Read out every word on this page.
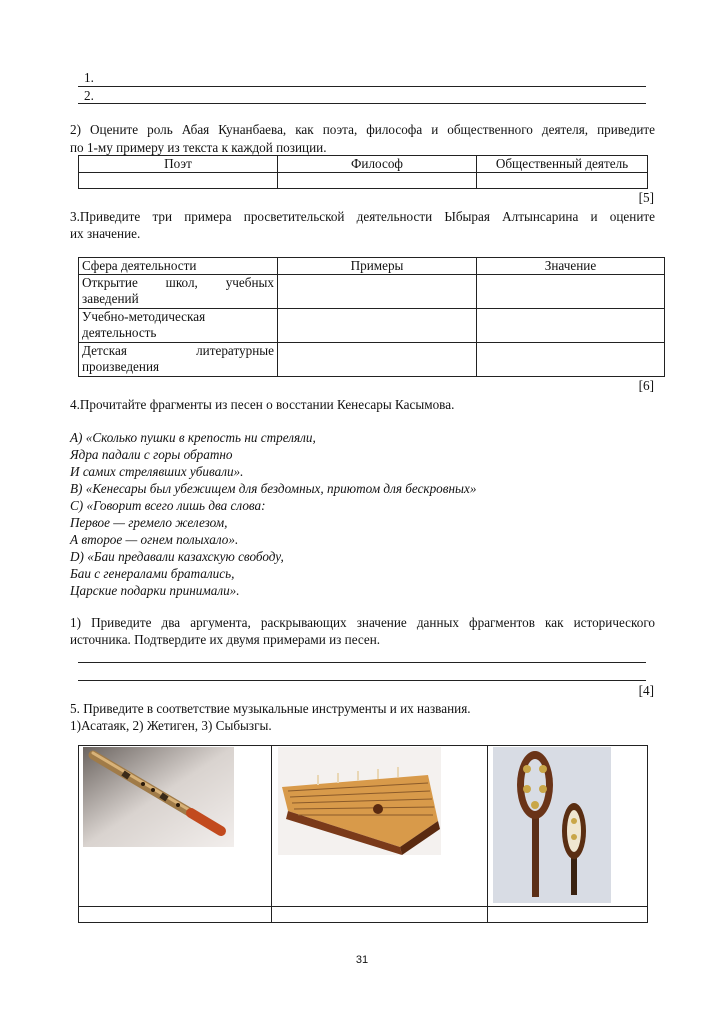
1.
2.
2) Оцените роль Абая Кунанбаева, как поэта, философа и общественного деятеля, приведите
по 1-му примеру из текста к каждой позиции.
Поэт	Философ	Общественный деятель

[5]
3.Приведите три примера просветительской деятельности Ыбырая Алтынсарина и оцените
их значение.
Сфера деятельности	Примеры	Значение

Открытие школ, учебных
заведений		

Учебно-методическая
деятельность		

Детская литературные
произведения		

[6]
4.Прочитайте фрагменты из песен о восстании Кенесары Касымова.
A) «Сколько пушки в крепость ни стреляли,
Ядра падали с горы обратно
И самих стрелявших убивали».
B) «Кенесары был убежищем для бездомных, приютом для бескровных»
C) «Говорит всего лишь два слова:
Первое — гремело железом,
А второе — огнем полыхало».
D) «Баи предавали казахскую свободу,
Баи с генералами братались,
Царские подарки принимали».
1) Приведите два аргумента, раскрывающих значение данных фрагментов как исторического
источника. Подтвердите их двумя примерами из песен.
[4]
5. Приведите в соответствие музыкальные инструменты и их названия.
1)Асатаяк, 2) Жетиген, 3) Сыбызгы.

31
